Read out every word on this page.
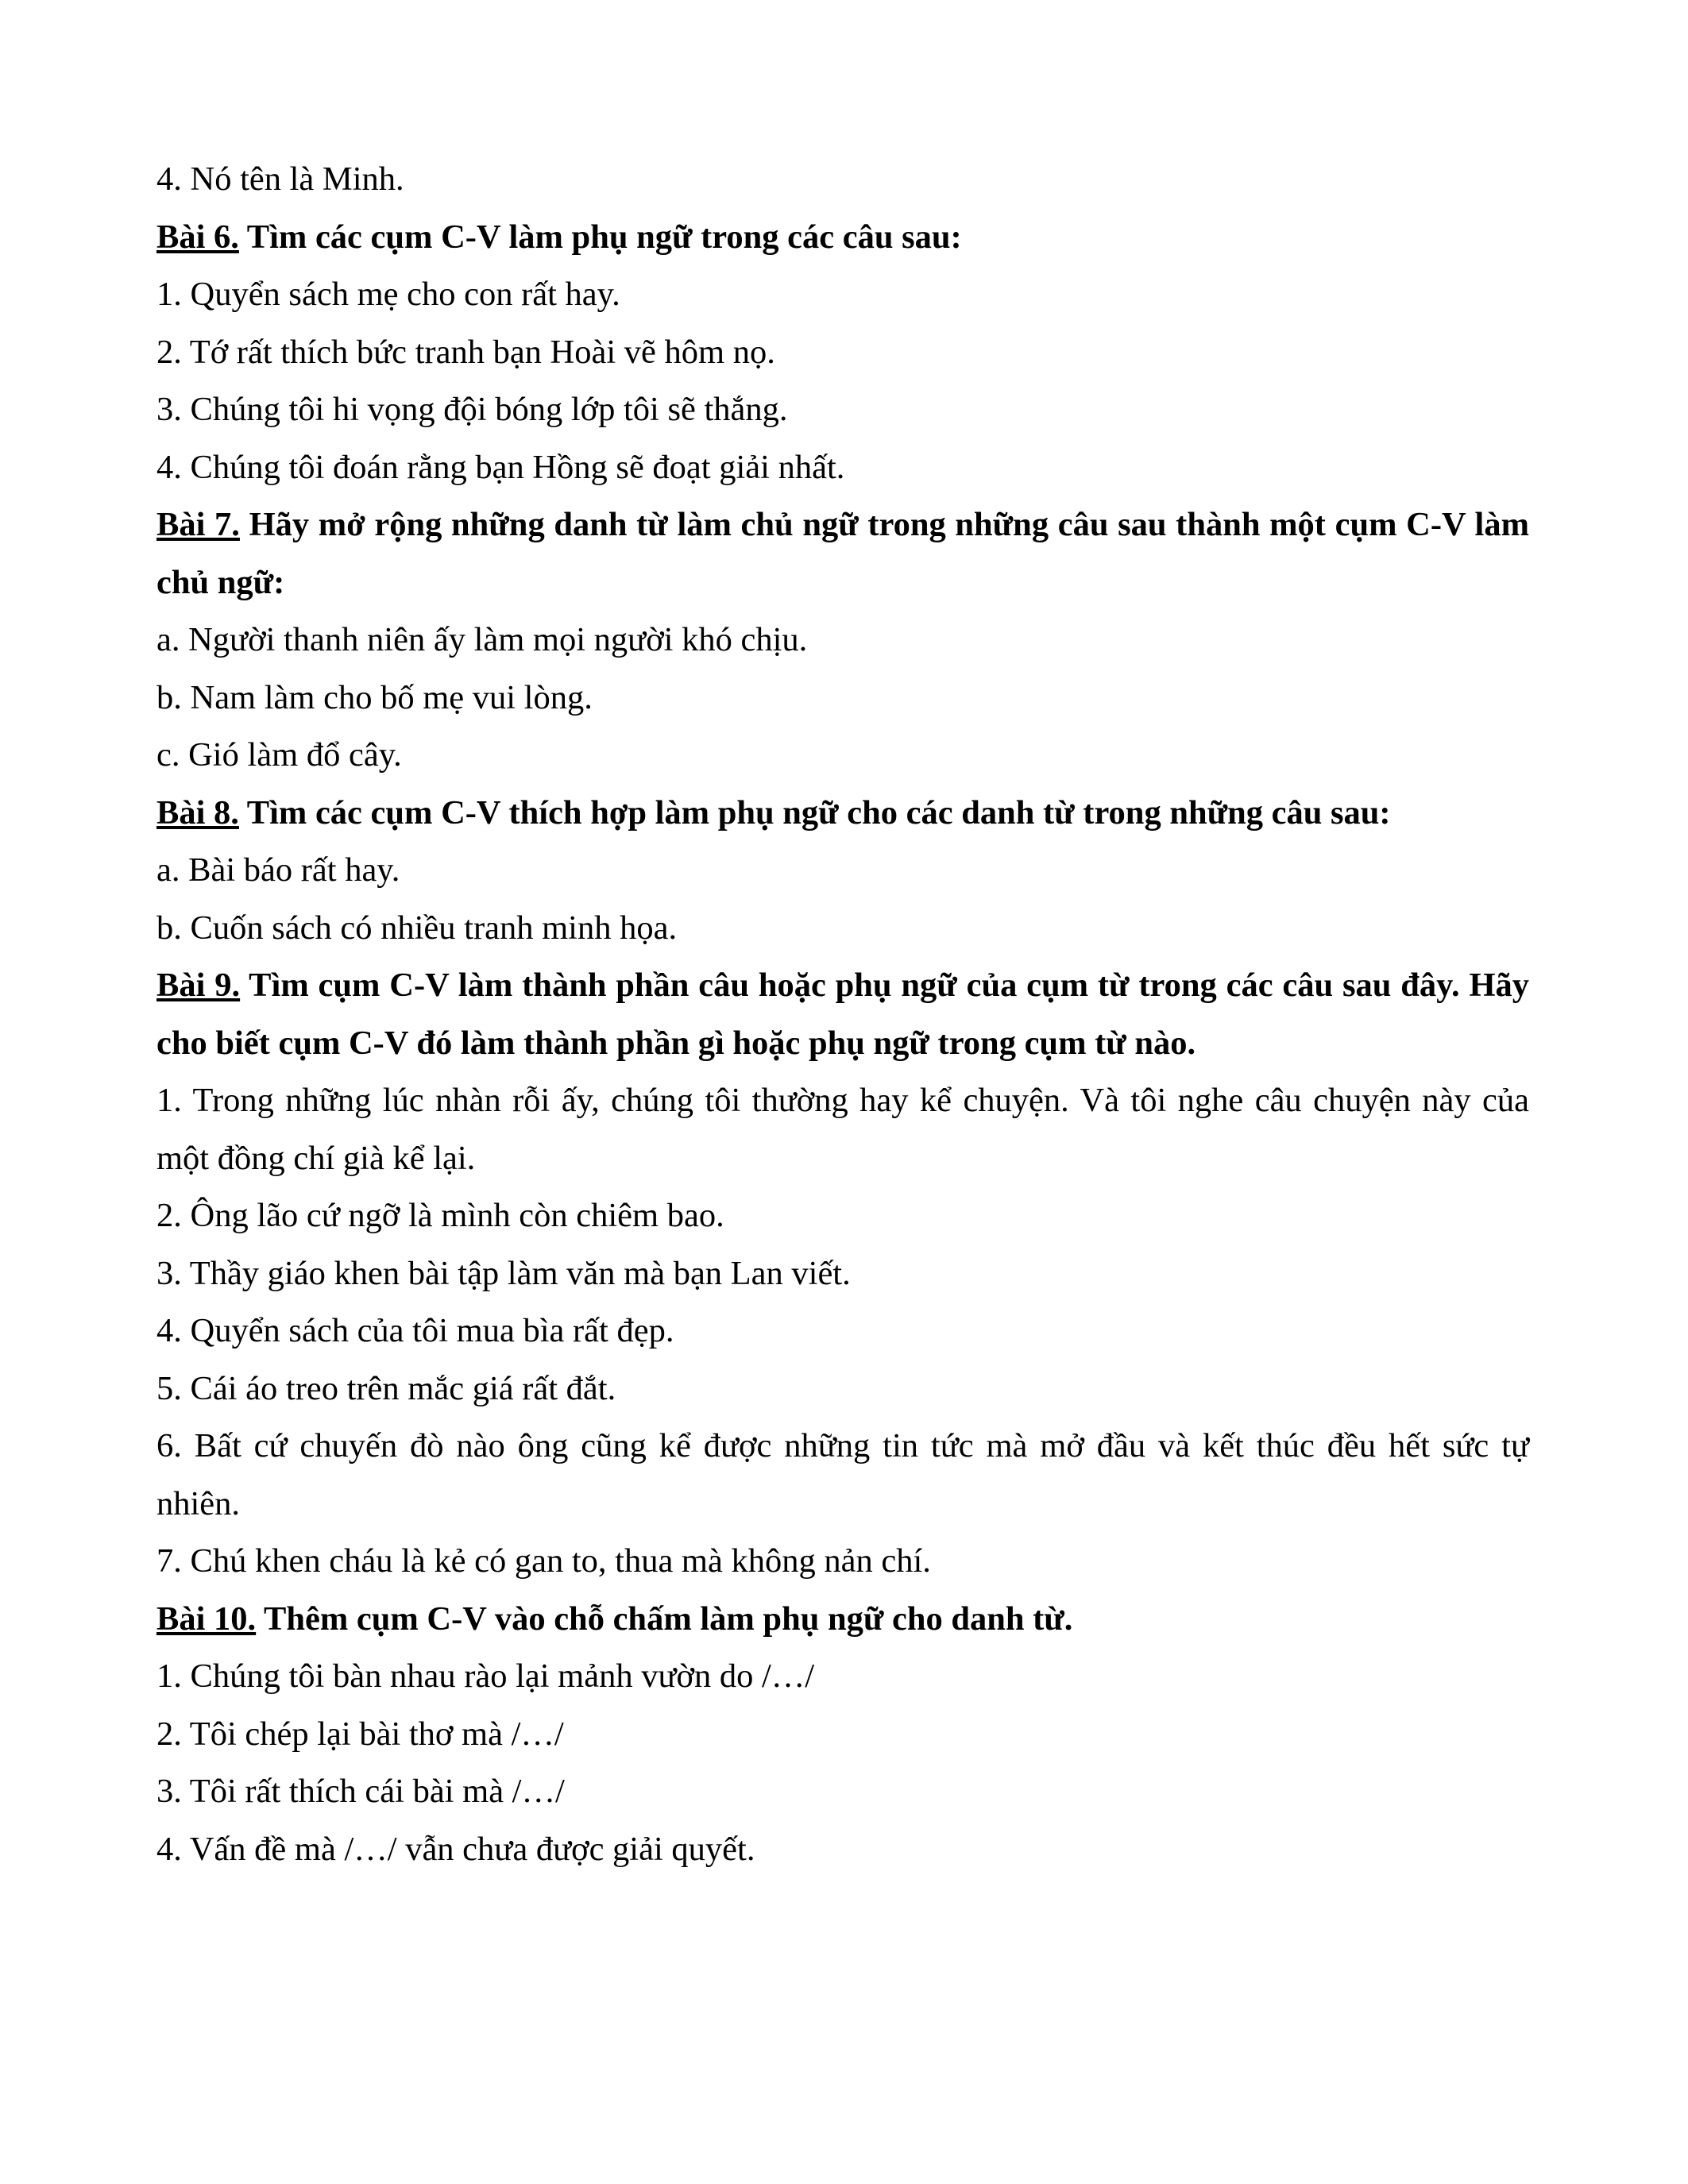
4. Nó tên là Minh.

Bài 6. Tìm các cụm C-V làm phụ ngữ trong các câu sau:

1. Quyển sách mẹ cho con rất hay.

2. Tớ rất thích bức tranh bạn Hoài vẽ hôm nọ.

3. Chúng tôi hi vọng đội bóng lớp tôi sẽ thắng.

4. Chúng tôi đoán rằng bạn Hồng sẽ đoạt giải nhất.

Bài 7. Hãy mở rộng những danh từ làm chủ ngữ trong những câu sau thành một cụm C-V làm chủ ngữ:

a. Người thanh niên ấy làm mọi người khó chịu.

b. Nam làm cho bố mẹ vui lòng.

c. Gió làm đổ cây.

Bài 8. Tìm các cụm C-V thích hợp làm phụ ngữ cho các danh từ trong những câu sau:

a. Bài báo rất hay.

b. Cuốn sách có nhiều tranh minh họa.

Bài 9. Tìm cụm C-V làm thành phần câu hoặc phụ ngữ của cụm từ trong các câu sau đây. Hãy cho biết cụm C-V đó làm thành phần gì hoặc phụ ngữ trong cụm từ nào.

1. Trong những lúc nhàn rỗi ấy, chúng tôi thường hay kể chuyện. Và tôi nghe câu chuyện này của một đồng chí già kể lại.

2. Ông lão cứ ngỡ là mình còn chiêm bao.

3. Thầy giáo khen bài tập làm văn mà bạn Lan viết.

4. Quyển sách của tôi mua bìa rất đẹp.

5. Cái áo treo trên mắc giá rất đắt.

6. Bất cứ chuyến đò nào ông cũng kể được những tin tức mà mở đầu và kết thúc đều hết sức tự nhiên.

7. Chú khen cháu là kẻ có gan to, thua mà không nản chí.

Bài 10. Thêm cụm C-V vào chỗ chấm làm phụ ngữ cho danh từ.

1. Chúng tôi bàn nhau rào lại mảnh vườn do /…/

2. Tôi chép lại bài thơ mà /…/

3. Tôi rất thích cái bài mà /…/

4. Vấn đề mà /…/ vẫn chưa được giải quyết.
